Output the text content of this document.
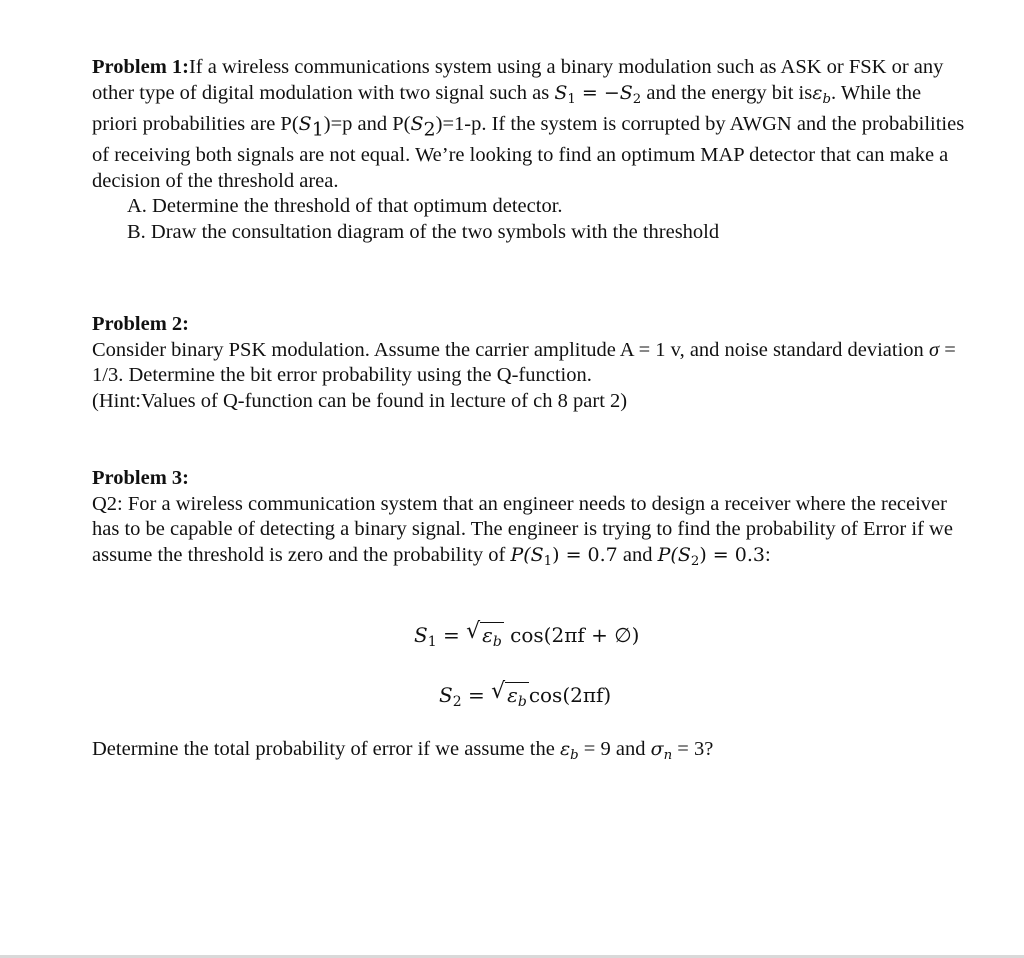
Problem 1:If a wireless communications system using a binary modulation such as ASK or FSK or any other type of digital modulation with two signal such as $S_1 = -S_2$ and the energy bit isε$_b$. While the priori probabilities are $P(S_1)=p$ and $P(S_2)=1-p$. If the system is corrupted by AWGN and the probabilities of receiving both signals are not equal. We’re looking to find an optimum MAP detector that can make a decision of the threshold area.

A. Determine the threshold of that optimum detector.
B. Draw the consultation diagram of the two symbols with the threshold

Problem 2:

Consider binary PSK modulation. Assume the carrier amplitude A = 1 v, and noise standard deviation σ = 1/3. Determine the bit error probability using the Q-function.

(Hint:Values of Q-function can be found in lecture of ch 8 part 2)

Problem 3:

Q2: For a wireless communication system that an engineer needs to design a receiver where the receiver has to be capable of detecting a binary signal. The engineer is trying to find the probability of Error if we assume the threshold is zero and the probability of $P(S_1) = 0.7$ and $P(S_2) = 0.3$:

$S_1$ = √ $\varepsilon_b$ cos(2πf + ∅)
$S_2$ = √ $\varepsilon_b$ cos(2πf)

Determine the total probability of error if we assume the $\varepsilon_b = 9$ and $\sigma_n = 3$?
